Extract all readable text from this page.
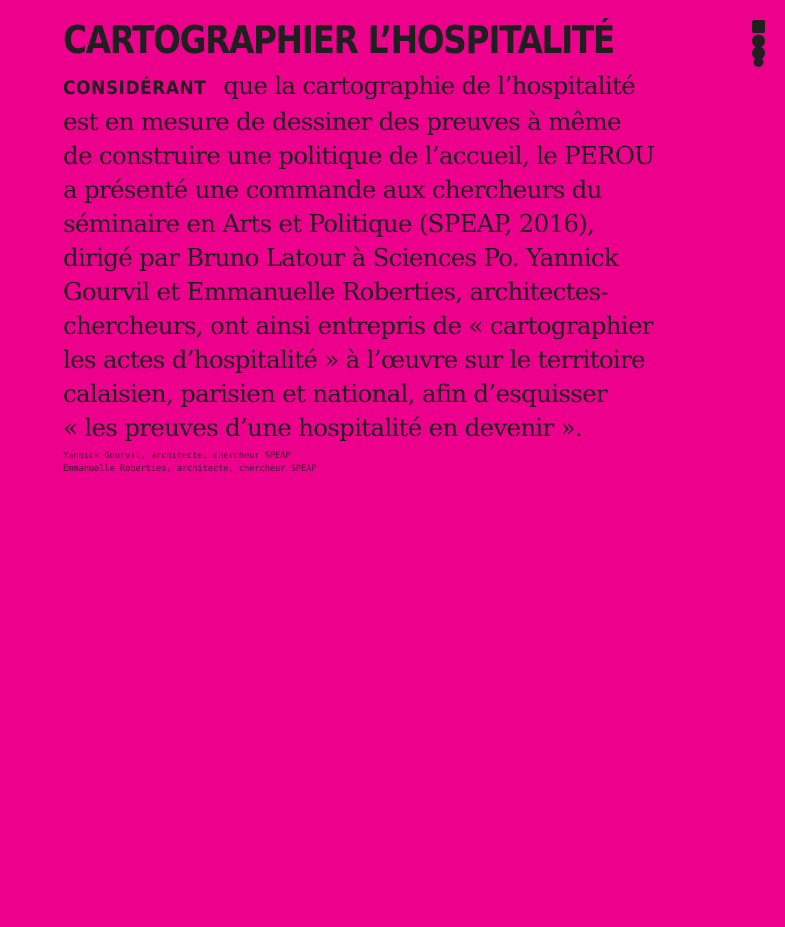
CARTOGRAPHIER L’HOSPITALITÉ

CONSIDÉRANT que la cartographie de l’hospitalité
est en mesure de dessiner des preuves à même
de construire une politique de l’accueil, le PEROU
a présenté une commande aux chercheurs du
séminaire en Arts et Politique (SPEAP, 2016),
dirigé par Bruno Latour à Sciences Po. Yannick
Gourvil et Emmanuelle Roberties, architectes-
chercheurs, ont ainsi entrepris de « cartographier
les actes d’hospitalité » à l’œuvre sur le territoire
calaisien, parisien et national, afin d’esquisser
« les preuves d’une hospitalité en devenir ».

Yannick Gourvil, architecte, chercheur SPEAP
Emmanuelle Roberties, architecte, chercheur SPEAP
